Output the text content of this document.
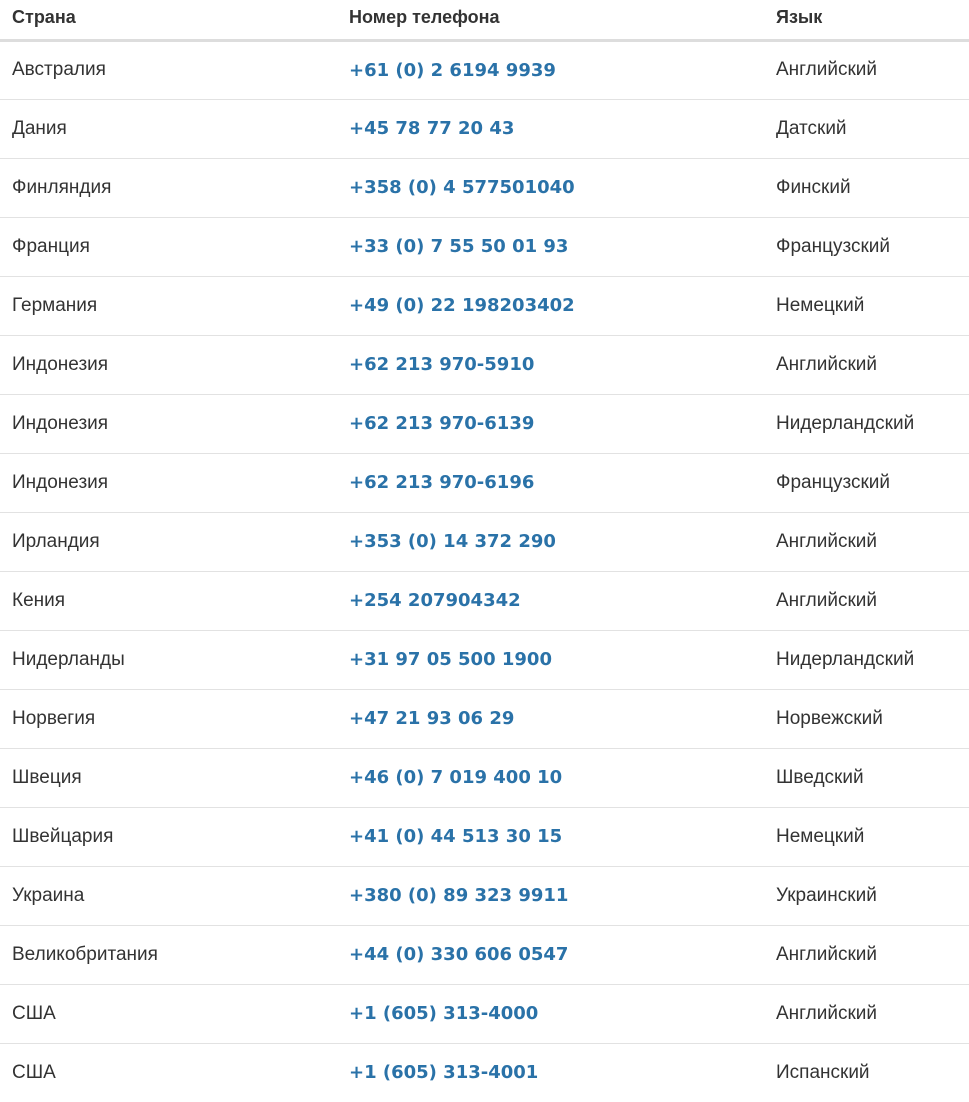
Страна	Номер телефона	Язык
Австралия	+61 (0) 2 6194 9939	Английский
Дания	+45 78 77 20 43	Датский
Финляндия	+358 (0) 4 577501040	Финский
Франция	+33 (0) 7 55 50 01 93	Французский
Германия	+49 (0) 22 198203402	Немецкий
Индонезия	+62 213 970-5910	Английский
Индонезия	+62 213 970-6139	Нидерландский
Индонезия	+62 213 970-6196	Французский
Ирландия	+353 (0) 14 372 290	Английский
Кения	+254 207904342	Английский
Нидерланды	+31 97 05 500 1900	Нидерландский
Норвегия	+47 21 93 06 29	Норвежский
Швеция	+46 (0) 7 019 400 10	Шведский
Швейцария	+41 (0) 44 513 30 15	Немецкий
Украина	+380 (0) 89 323 9911	Украинский
Великобритания	+44 (0) 330 606 0547	Английский
США	+1 (605) 313-4000	Английский
США	+1 (605) 313-4001	Испанский
